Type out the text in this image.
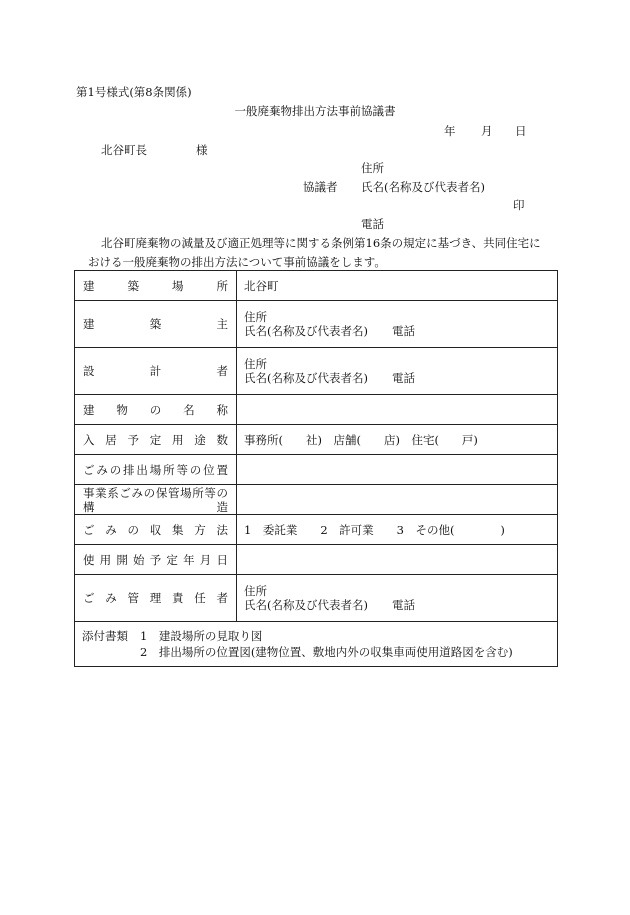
第1号様式(第8条関係)
一般廃棄物排出方法事前協議書
年 月 日
北谷町長	様
住所
協議者 氏名(名称及び代表者名)
印
電話
北谷町廃棄物の減量及び適正処理等に関する条例第16条の規定に基づき、共同住宅に
おける一般廃棄物の排出方法について事前協議をします。
建築場所	北谷町
建築主	住所
氏名(名称及び代表者名) 電話

設計者	住所
氏名(名称及び代表者名) 電話

建物の名称	
入居予定用途数	事務所(　　社)　店舗(　　店)　住宅(　　戸)
ごみの排出場所等の位置	

事業系ごみの保管場所等の
構 造	

ごみの収集方法	1　委託業　　2　許可業　　3　その他(　　　　)
使用開始予定年月日	
ごみ管理責任者	住所
氏名(名称及び代表者名) 電話

添付書類 1　建設場所の見取り図
2　排出場所の位置図(建物位置、敷地内外の収集車両使用道路図を含む)	
